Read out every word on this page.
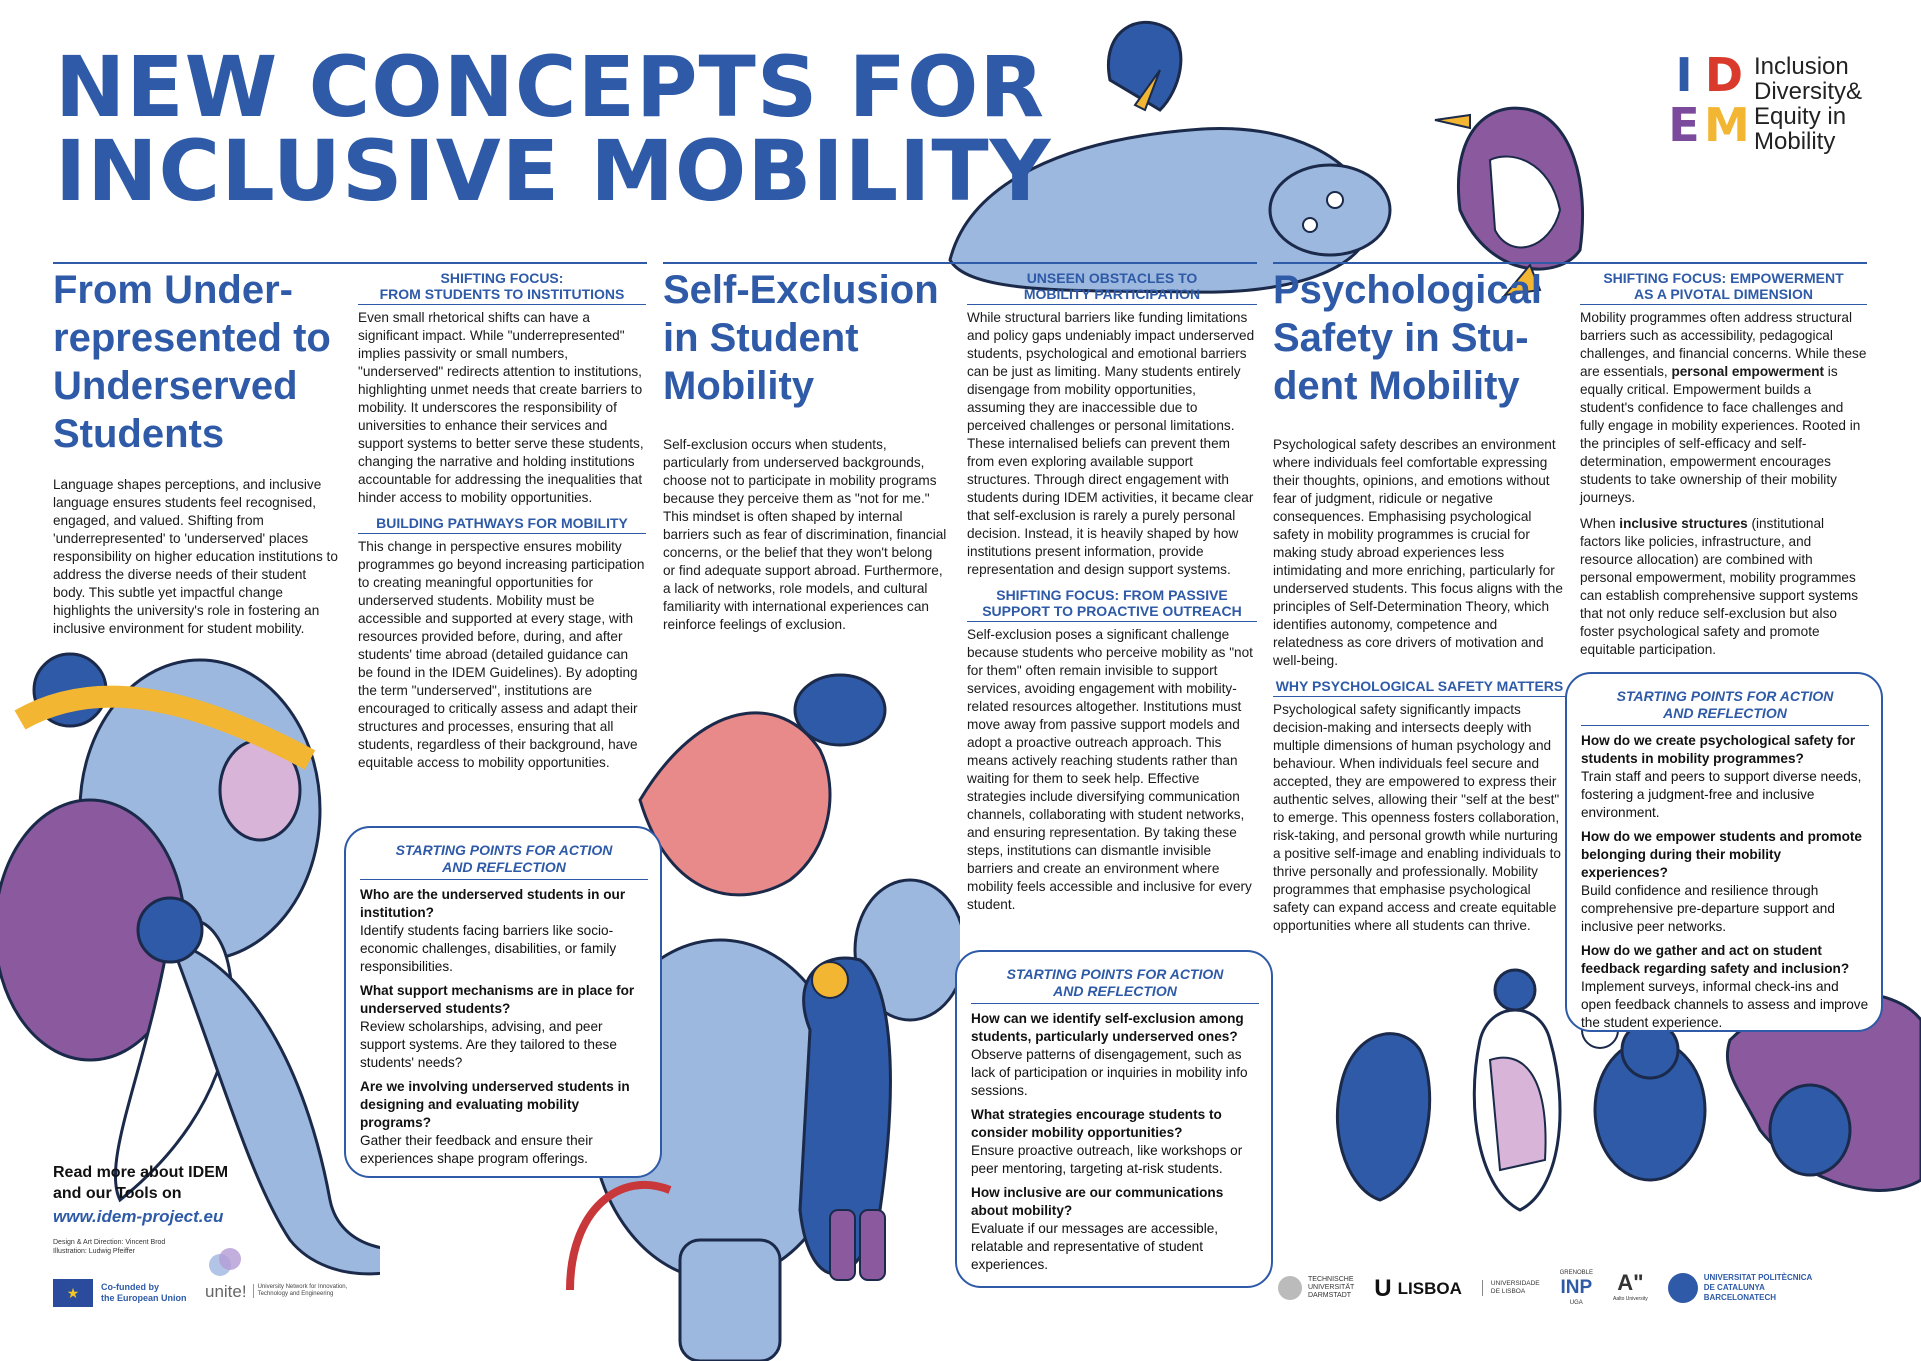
NEW CONCEPTS FOR
INCLUSIVE MOBILITY
I D
EM
Inclusion
Diversity&
Equity in
Mobility
From Under-
represented to
Underserved
Students
Language shapes perceptions, and inclusive language ensures students feel recognised, engaged, and valued. Shifting from 'underrepresented' to 'underserved' places responsibility on higher education institutions to address the diverse needs of their student body. This subtle yet impactful change highlights the university's role in fostering an inclusive environment for student mobility.
SHIFTING FOCUS:
FROM STUDENTS TO INSTITUTIONS
Even small rhetorical shifts can have a significant impact. While "underrepresented" implies passivity or small numbers, "underserved" redirects attention to institutions, highlighting unmet needs that create barriers to mobility. It underscores the responsibility of universities to enhance their services and support systems to better serve these students, changing the narrative and holding institutions accountable for addressing the inequalities that hinder access to mobility opportunities.
BUILDING PATHWAYS FOR MOBILITY
This change in perspective ensures mobility programmes go beyond increasing participation to creating meaningful opportunities for underserved students. Mobility must be accessible and supported at every stage, with resources provided before, during, and after students' time abroad (detailed guidance can be found in the IDEM Guidelines). By adopting the term "underserved", institutions are encouraged to critically assess and adapt their structures and processes, ensuring that all students, regardless of their background, have equitable access to mobility opportunities.
STARTING POINTS FOR ACTION
AND REFLECTION
Who are the underserved students in our institution?
Identify students facing barriers like socio-economic challenges, disabilities, or family responsibilities.
What support mechanisms are in place for underserved students?
Review scholarships, advising, and peer support systems. Are they tailored to these students' needs?
Are we involving underserved students in designing and evaluating mobility programs?
Gather their feedback and ensure their experiences shape program offerings.
Self-Exclusion
in Student
Mobility
Self-exclusion occurs when students, particularly from underserved backgrounds, choose not to participate in mobility programs because they perceive them as "not for me." This mindset is often shaped by internal barriers such as fear of discrimination, financial concerns, or the belief that they won't belong or find adequate support abroad. Furthermore, a lack of networks, role models, and cultural familiarity with international experiences can reinforce feelings of exclusion.
UNSEEN OBSTACLES TO
MOBILITY PARTICIPATION
While structural barriers like funding limitations and policy gaps undeniably impact underserved students, psychological and emotional barriers can be just as limiting. Many students entirely disengage from mobility opportunities, assuming they are inaccessible due to perceived challenges or personal limitations. These internalised beliefs can prevent them from even exploring available support structures. Through direct engagement with students during IDEM activities, it became clear that self-exclusion is rarely a purely personal decision. Instead, it is heavily shaped by how institutions present information, provide representation and design support systems.
SHIFTING FOCUS: FROM PASSIVE
SUPPORT TO PROACTIVE OUTREACH
Self-exclusion poses a significant challenge because students who perceive mobility as "not for them" often remain invisible to support services, avoiding engagement with mobility-related resources altogether. Institutions must move away from passive support models and adopt a proactive outreach approach. This means actively reaching students rather than waiting for them to seek help. Effective strategies include diversifying communication channels, collaborating with student networks, and ensuring representation. By taking these steps, institutions can dismantle invisible barriers and create an environment where mobility feels accessible and inclusive for every student.
STARTING POINTS FOR ACTION
AND REFLECTION
How can we identify self-exclusion among students, particularly underserved ones?
Observe patterns of disengagement, such as lack of participation or inquiries in mobility info sessions.
What strategies encourage students to consider mobility opportunities?
Ensure proactive outreach, like workshops or peer mentoring, targeting at-risk students.
How inclusive are our communications about mobility?
Evaluate if our messages are accessible, relatable and representative of student experiences.
Psychological
Safety in Stu-
dent Mobility
Psychological safety describes an environment where individuals feel comfortable expressing their thoughts, opinions, and emotions without fear of judgment, ridicule or negative consequences. Emphasising psychological safety in mobility programmes is crucial for making study abroad experiences less intimidating and more enriching, particularly for underserved students. This focus aligns with the principles of Self-Determination Theory, which identifies autonomy, competence and relatedness as core drivers of motivation and well-being.
WHY PSYCHOLOGICAL SAFETY MATTERS
Psychological safety significantly impacts decision-making and intersects deeply with multiple dimensions of human psychology and behaviour. When individuals feel secure and accepted, they are empowered to express their authentic selves, allowing their "self at the best" to emerge. This openness fosters collaboration, risk-taking, and personal growth while nurturing a positive self-image and enabling individuals to thrive personally and professionally. Mobility programmes that emphasise psychological safety can expand access and create equitable opportunities where all students can thrive.
SHIFTING FOCUS: EMPOWERMENT
AS A PIVOTAL DIMENSION
Mobility programmes often address structural barriers such as accessibility, pedagogical challenges, and financial concerns. While these are essentials, personal empowerment is equally critical. Empowerment builds a student's confidence to face challenges and fully engage in mobility experiences. Rooted in the principles of self-efficacy and self-determination, empowerment encourages students to take ownership of their mobility journeys.
When inclusive structures (institutional factors like policies, infrastructure, and resource allocation) are combined with personal empowerment, mobility programmes can establish comprehensive support systems that not only reduce self-exclusion but also foster psychological safety and promote equitable participation.
STARTING POINTS FOR ACTION
AND REFLECTION
How do we create psychological safety for students in mobility programmes?
Train staff and peers to support diverse needs, fostering a judgment-free and inclusive environment.
How do we empower students and promote belonging during their mobility experiences?
Build confidence and resilience through comprehensive pre-departure support and inclusive peer networks.
How do we gather and act on student feedback regarding safety and inclusion?
Implement surveys, informal check-ins and open feedback channels to assess and improve the student experience.
Read more about IDEM
and our Tools on
www.idem-project.eu
Design & Art Direction: Vincent Brod
Illustration: Ludwig Pfeiffer
★	Co-funded by
the European Union unite! University Network for Innovation,
Technology and Engineering
TECHNISCHE
UNIVERSITÄT
DARMSTADT U LISBOA	UNIVERSIDADE
DE LISBOA
GRENOBLE
INP
UGA
A"
Aalto University
UNIVERSITAT POLITÈCNICA
DE CATALUNYA
BARCELONATECH
